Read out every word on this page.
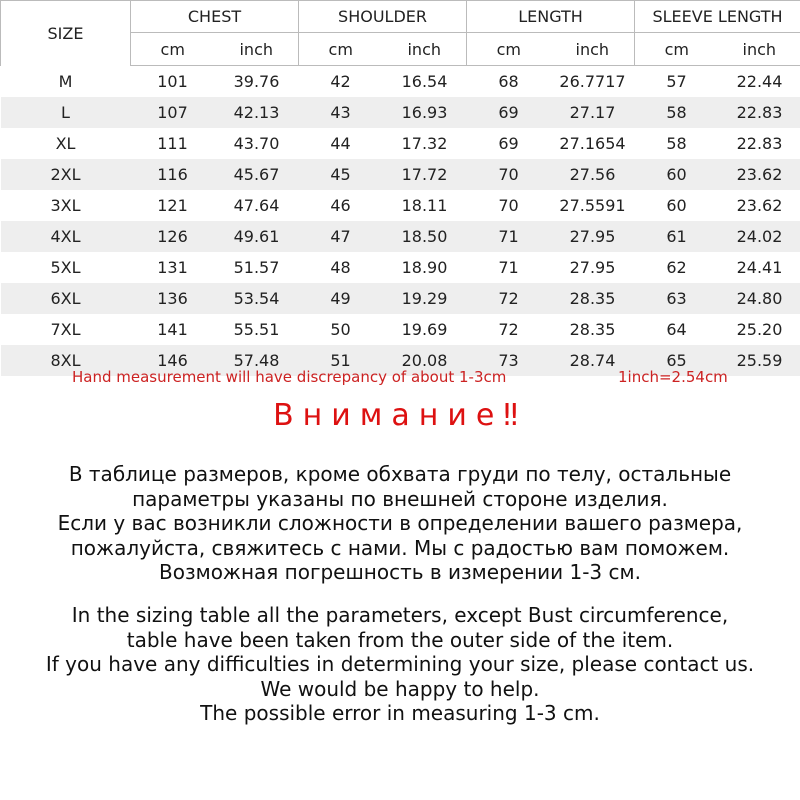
SIZE	CHEST		SHOULDER		LENGTH		SLEEVE LENGTH	
	cm	inch	cm	inch	cm	inch	cm	inch
M	101	39.76	42	16.54	68	26.7717	57	22.44
L	107	42.13	43	16.93	69	27.17	58	22.83
XL	111	43.70	44	17.32	69	27.1654	58	22.83
2XL	116	45.67	45	17.72	70	27.56	60	23.62
3XL	121	47.64	46	18.11	70	27.5591	60	23.62
4XL	126	49.61	47	18.50	71	27.95	61	24.02
5XL	131	51.57	48	18.90	71	27.95	62	24.41
6XL	136	53.54	49	19.29	72	28.35	63	24.80
7XL	141	55.51	50	19.69	72	28.35	64	25.20
8XL	146	57.48	51	20.08	73	28.74	65	25.59
Hand measurement will have discrepancy of about 1-3cm	1inch=2.54cm
Внимание‼
В таблице размеров, кроме обхвата груди по телу, остальные
параметры указаны по внешней стороне изделия.
Если у вас возникли сложности в определении вашего размера,
пожалуйста, свяжитесь с нами. Мы с радостью вам поможем.
Возможная погрешность в измерении 1-3 см.
In the sizing table all the parameters, except Bust circumference,
table have been taken from the outer side of the item.
If you have any difficulties in determining your size, please contact us.
We would be happy to help.
The possible error in measuring 1-3 cm.
